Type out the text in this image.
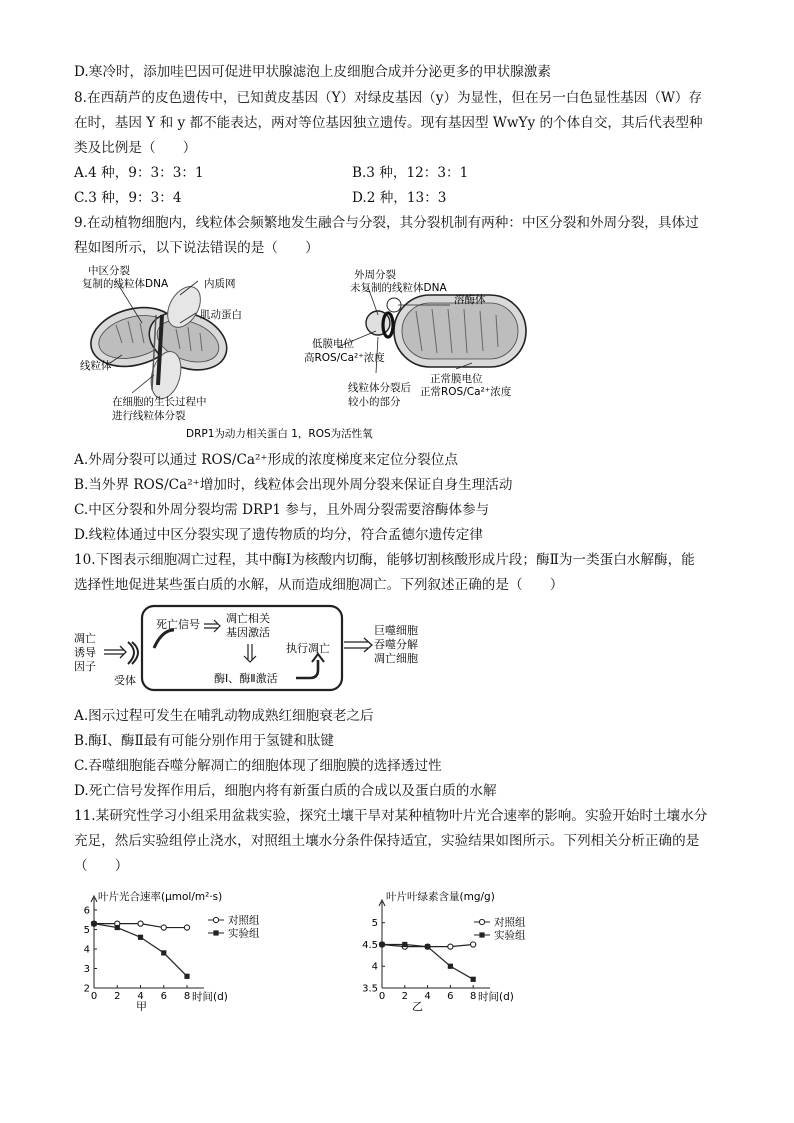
D.寒冷时，添加哇巴因可促进甲状腺滤泡上皮细胞合成并分泌更多的甲状腺激素
8.在西葫芦的皮色遗传中，已知黄皮基因（Y）对绿皮基因（y）为显性，但在另一白色显性基因（W）存
在时，基因 Y 和 y 都不能表达，两对等位基因独立遗传。现有基因型 WwYy 的个体自交，其后代表型种
类及比例是（　　）
A.4 种，9：3：3：1	B.3 种，12：3：1
C.3 种，9：3：4	D.2 种，13：3
9.在动植物细胞内，线粒体会频繁地发生融合与分裂，其分裂机制有两种：中区分裂和外周分裂，具体过
程如图所示，以下说法错误的是（　　）
中区分裂
复制的线粒体DNA	内质网
肌动蛋白
线粒体
在细胞的生长过程中
进行线粒体分裂
外周分裂
未复制的线粒体DNA
溶酶体
低膜电位
高ROS/Ca²⁺浓度
正常膜电位
正常ROS/Ca²⁺浓度
线粒体分裂后
较小的部分
DRP1为动力相关蛋白 1，ROS为活性氧
A.外周分裂可以通过 ROS/Ca²⁺形成的浓度梯度来定位分裂位点
B.当外界 ROS/Ca²⁺增加时，线粒体会出现外周分裂来保证自身生理活动
C.中区分裂和外周分裂均需 DRP1 参与，且外周分裂需要溶酶体参与
D.线粒体通过中区分裂实现了遗传物质的均分，符合孟德尔遗传定律
10.下图表示细胞凋亡过程，其中酶Ⅰ为核酸内切酶，能够切割核酸形成片段；酶Ⅱ为一类蛋白水解酶，能
选择性地促进某些蛋白质的水解，从而造成细胞凋亡。下列叙述正确的是（　　）
凋亡
诱导
因子
受体
死亡信号 凋亡相关
基因激活
酶Ⅰ、酶Ⅱ激活
执行凋亡
巨噬细胞
吞噬分解
凋亡细胞
A.图示过程可发生在哺乳动物成熟红细胞衰老之后
B.酶Ⅰ、酶Ⅱ最有可能分别作用于氢键和肽键
C.吞噬细胞能吞噬分解凋亡的细胞体现了细胞膜的选择透过性
D.死亡信号发挥作用后，细胞内将有新蛋白质的合成以及蛋白质的水解
11.某研究性学习小组采用盆栽实验，探究土壤干旱对某种植物叶片光合速率的影响。实验开始时土壤水分
充足，然后实验组停止浇水，对照组土壤水分条件保持适宜，实验结果如图所示。下列相关分析正确的是
（　　）
叶片光合速率(μmol/m²·s)
0 2 4 6 8
2
3
4
5
6
时间(d)
甲
对照组
实验组
叶片叶绿素含量(mg/g)
0 2 4 6 8
3.5
4
4.5
5
时间(d)
乙
对照组
实验组
